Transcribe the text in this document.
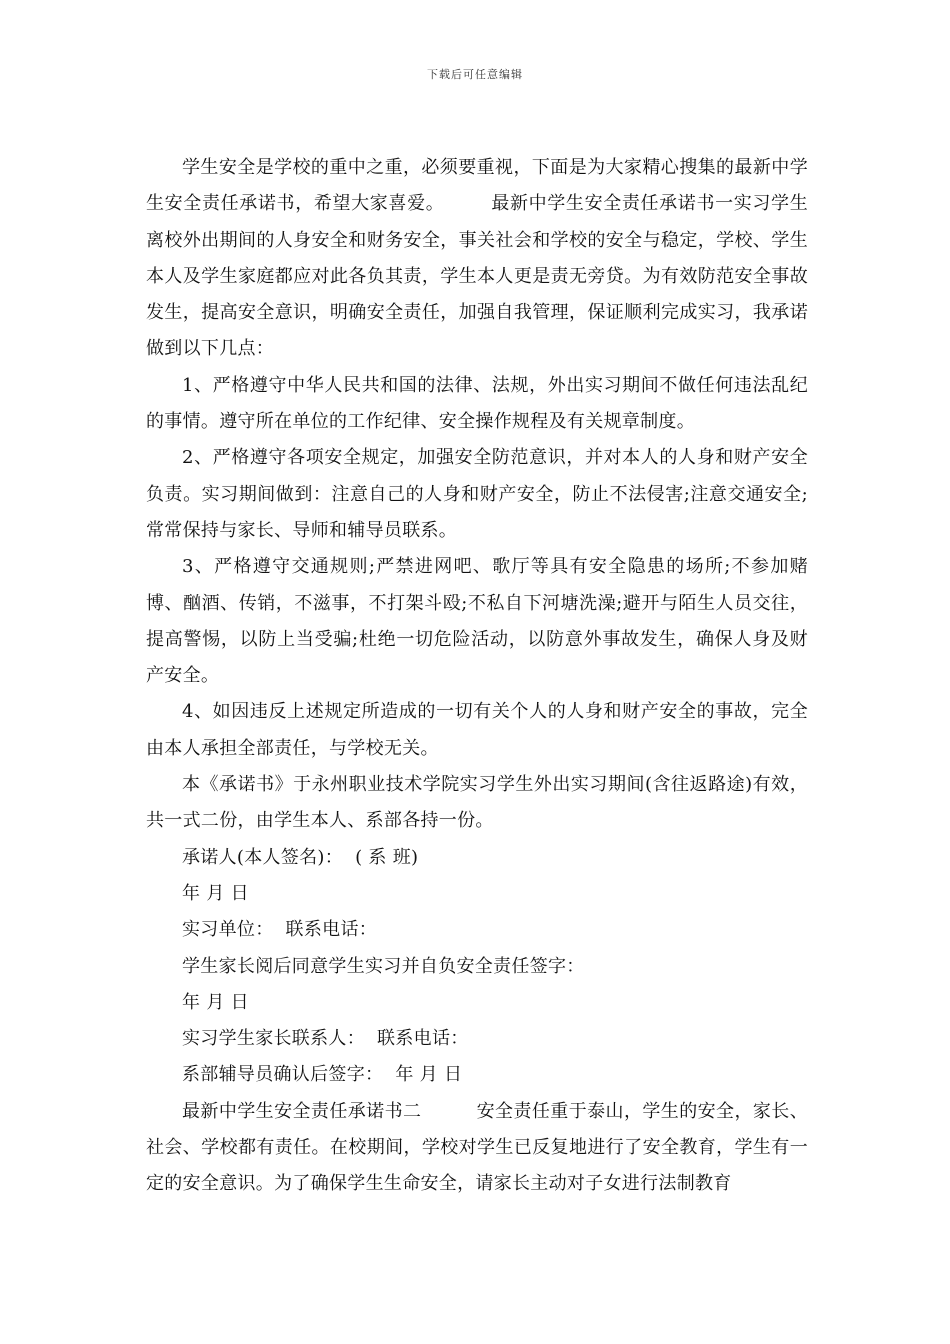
下载后可任意编辑

学生安全是学校的重中之重，必须要重视，下面是为大家精心搜集的最新中学生安全责任承诺书，希望大家喜爱。　　　最新中学生安全责任承诺书一实习学生离校外出期间的人身安全和财务安全，事关社会和学校的安全与稳定，学校、学生本人及学生家庭都应对此各负其责，学生本人更是责无旁贷。为有效防范安全事故发生，提高安全意识，明确安全责任，加强自我管理，保证顺利完成实习，我承诺做到以下几点：

1、严格遵守中华人民共和国的法律、法规，外出实习期间不做任何违法乱纪的事情。遵守所在单位的工作纪律、安全操作规程及有关规章制度。

2、严格遵守各项安全规定，加强安全防范意识，并对本人的人身和财产安全负责。实习期间做到：注意自己的人身和财产安全，防止不法侵害;注意交通安全;常常保持与家长、导师和辅导员联系。

3、严格遵守交通规则;严禁进网吧、歌厅等具有安全隐患的场所;不参加赌博、酗酒、传销，不滋事，不打架斗殴;不私自下河塘洗澡;避开与陌生人员交往，提高警惕，以防上当受骗;杜绝一切危险活动，以防意外事故发生，确保人身及财产安全。

4、如因违反上述规定所造成的一切有关个人的人身和财产安全的事故，完全由本人承担全部责任，与学校无关。

本《承诺书》于永州职业技术学院实习学生外出实习期间(含往返路途)有效，共一式二份，由学生本人、系部各持一份。

承诺人(本人签名)：  ( 系 班)

年 月 日

实习单位：  联系电话：

学生家长阅后同意学生实习并自负安全责任签字：

年 月 日

实习学生家长联系人：  联系电话：

系部辅导员确认后签字：  年 月 日

最新中学生安全责任承诺书二　　　安全责任重于泰山，学生的安全，家长、社会、学校都有责任。在校期间，学校对学生已反复地进行了安全教育，学生有一定的安全意识。为了确保学生生命安全，请家长主动对子女进行法制教育
